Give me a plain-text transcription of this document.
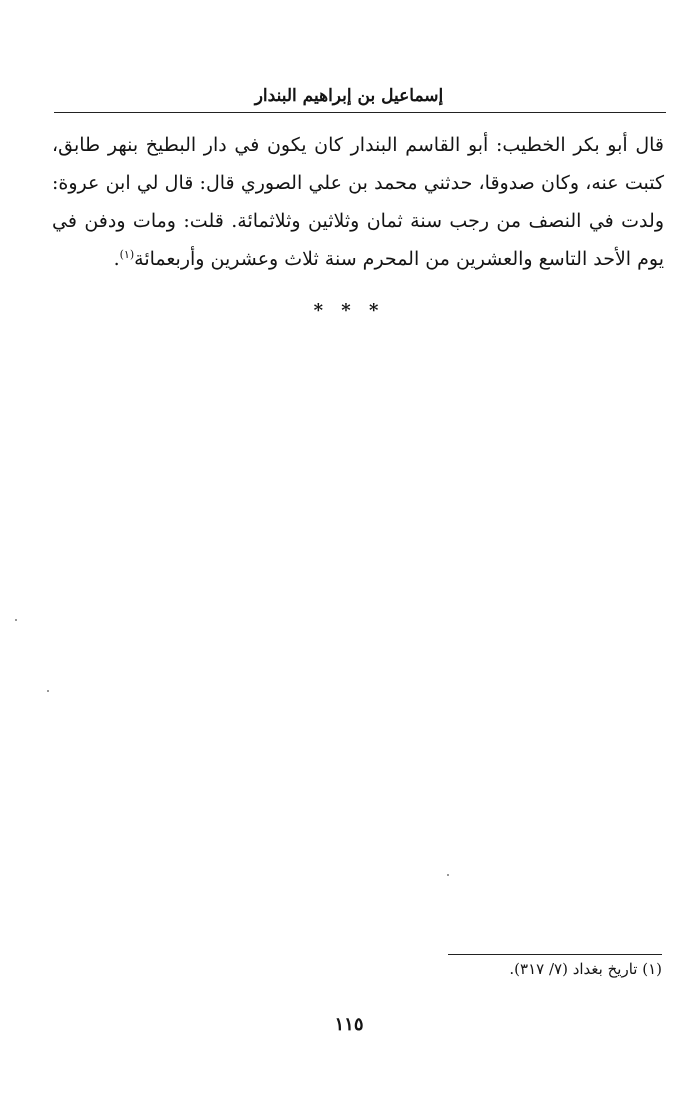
إسماعيل بن إبراهيم البندار
قال أبو بكر الخطيب: أبو القاسم البندار كان يكون في دار البطيخ بنهر طابق، كتبت عنه، وكان صدوقا، حدثني محمد بن علي الصوري قال: قال لي ابن عروة: ولدت في النصف من رجب سنة ثمان وثلاثين وثلاثمائة. قلت: ومات ودفن في يوم الأحد التاسع والعشرين من المحرم سنة ثلاث وعشرين وأربعمائة$^{(١)}$.
* * *
(١) تاريخ بغداد (٧/ ٣١٧).
١١٥
